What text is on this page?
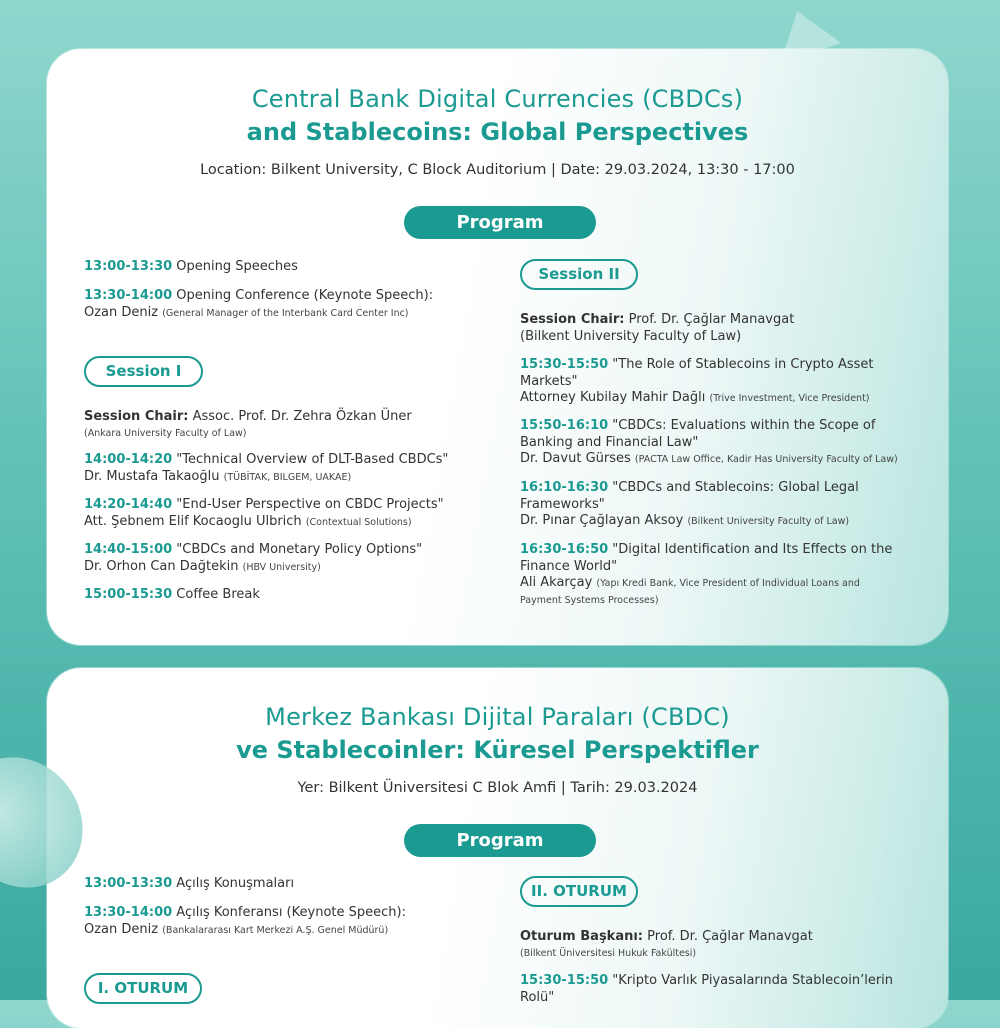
Central Bank Digital Currencies (CBDCs)
and Stablecoins: Global Perspectives
Location: Bilkent University, C Block Auditorium | Date: 29.03.2024, 13:30 - 17:00
Program
13:00-13:30 Opening Speeches
13:30-14:00 Opening Conference (Keynote Speech):
Ozan Deniz (General Manager of the Interbank Card Center Inc)
Session I
Session Chair: Assoc. Prof. Dr. Zehra Özkan Üner
(Ankara University Faculty of Law)
14:00-14:20 "Technical Overview of DLT-Based CBDCs"
Dr. Mustafa Takaoğlu (TÜBİTAK, BILGEM, UAKAE)
14:20-14:40 "End-User Perspective on CBDC Projects"
Att. Şebnem Elif Kocaoglu Ulbrich (Contextual Solutions)
14:40-15:00 "CBDCs and Monetary Policy Options"
Dr. Orhon Can Dağtekin (HBV University)
15:00-15:30 Coffee Break
Session II
Session Chair: Prof. Dr. Çağlar Manavgat
(Bilkent University Faculty of Law)
15:30-15:50 "The Role of Stablecoins in Crypto Asset
Markets"
Attorney Kubilay Mahir Dağlı (Trive Investment, Vice President)
15:50-16:10 "CBDCs: Evaluations within the Scope of
Banking and Financial Law"
Dr. Davut Gürses (PACTA Law Office, Kadir Has University Faculty of Law)
16:10-16:30 "CBDCs and Stablecoins: Global Legal
Frameworks"
Dr. Pınar Çağlayan Aksoy (Bilkent University Faculty of Law)
16:30-16:50 "Digital Identification and Its Effects on the
Finance World"
Ali Akarçay (Yapı Kredi Bank, Vice President of Individual Loans and
Payment Systems Processes)
Merkez Bankası Dijital Paraları (CBDC)
ve Stablecoinler: Küresel Perspektifler
Yer: Bilkent Üniversitesi C Blok Amfi | Tarih: 29.03.2024
Program
13:00-13:30 Açılış Konuşmaları
13:30-14:00 Açılış Konferansı (Keynote Speech):
Ozan Deniz (Bankalararası Kart Merkezi A.Ş. Genel Müdürü)
I. OTURUM
II. OTURUM
Oturum Başkanı: Prof. Dr. Çağlar Manavgat
(Bilkent Üniversitesi Hukuk Fakültesi)
15:30-15:50 "Kripto Varlık Piyasalarında Stablecoin’lerin
Rolü"
